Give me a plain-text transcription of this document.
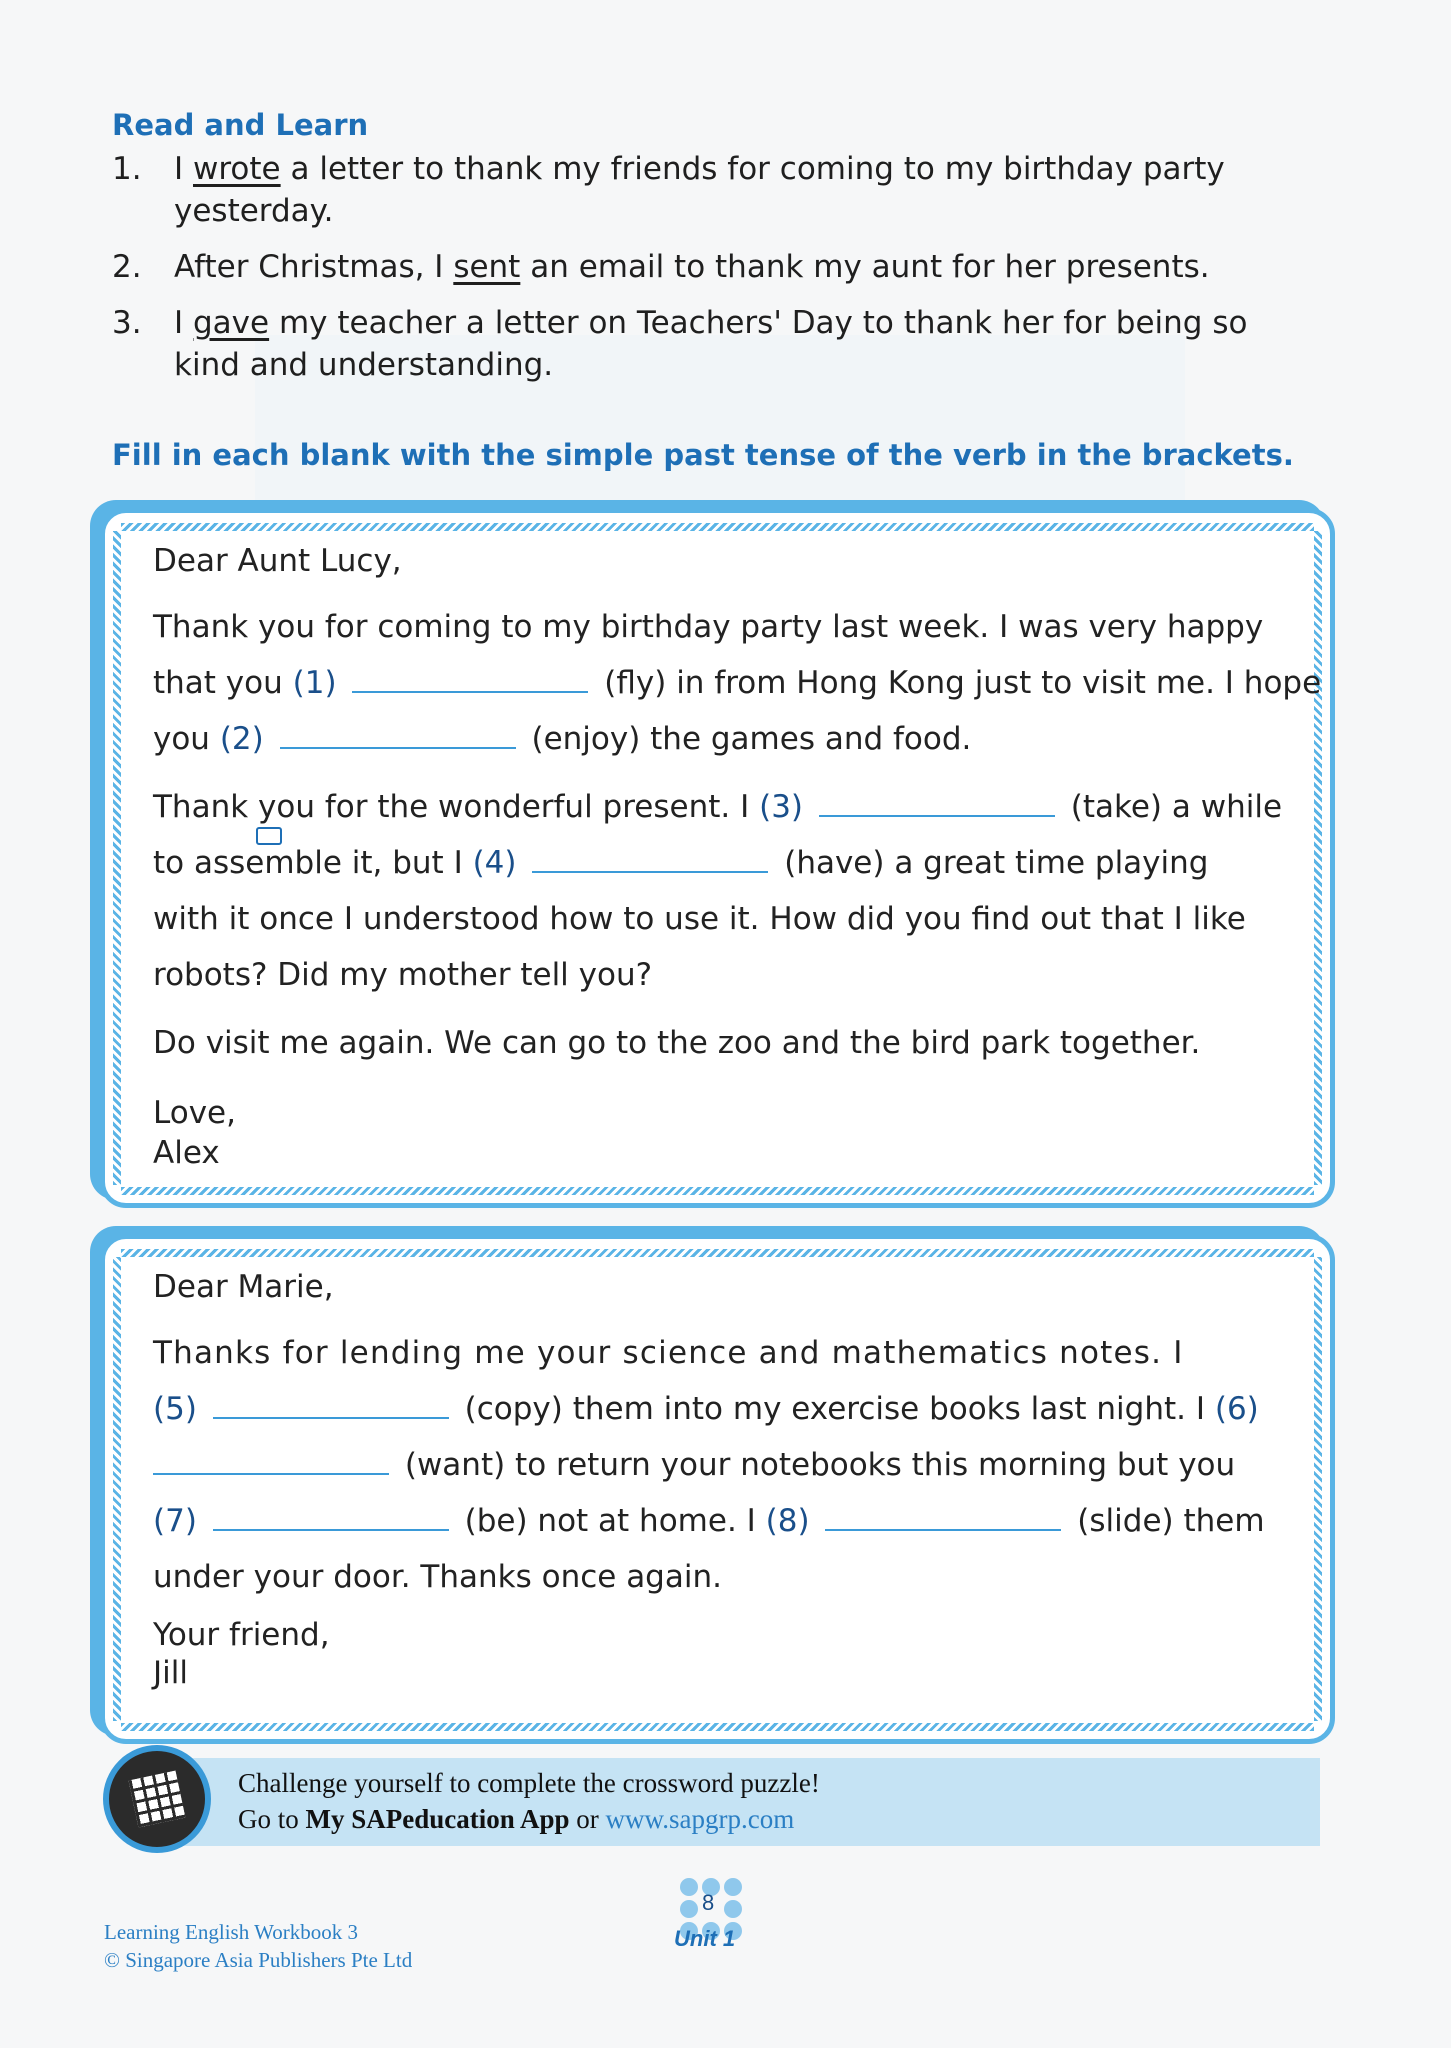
Read and Learn
1. I wrote a letter to thank my friends for coming to my birthday party yesterday.
2. After Christmas, I sent an email to thank my aunt for her presents.
3. I gave my teacher a letter on Teachers' Day to thank her for being so kind and understanding.
Fill in each blank with the simple past tense of the verb in the brackets.
Dear Aunt Lucy,
Thank you for coming to my birthday party last week. I was very happy
that you (1)	(fly) in from Hong Kong just to visit me. I hope
you (2)	(enjoy) the games and food.
Thank you for the wonderful present. I (3)	(take) a while
to assemble it, but I (4)	(have) a great time playing
with it once I understood how to use it. How did you find out that I like
robots? Did my mother tell you?
Do visit me again. We can go to the zoo and the bird park together.
Love,
Alex
Dear Marie,
Thanks for lending me your science and mathematics notes. I
(5)	(copy) them into my exercise books last night. I (6)
(want) to return your notebooks this morning but you
(7)	(be) not at home. I (8)	(slide) them
under your door. Thanks once again.
Your friend,
Jill
Challenge yourself to complete the crossword puzzle!
Go to My SAPeducation App or www.sapgrp.com
Learning English Workbook 3
© Singapore Asia Publishers Pte Ltd
8
Unit 1
